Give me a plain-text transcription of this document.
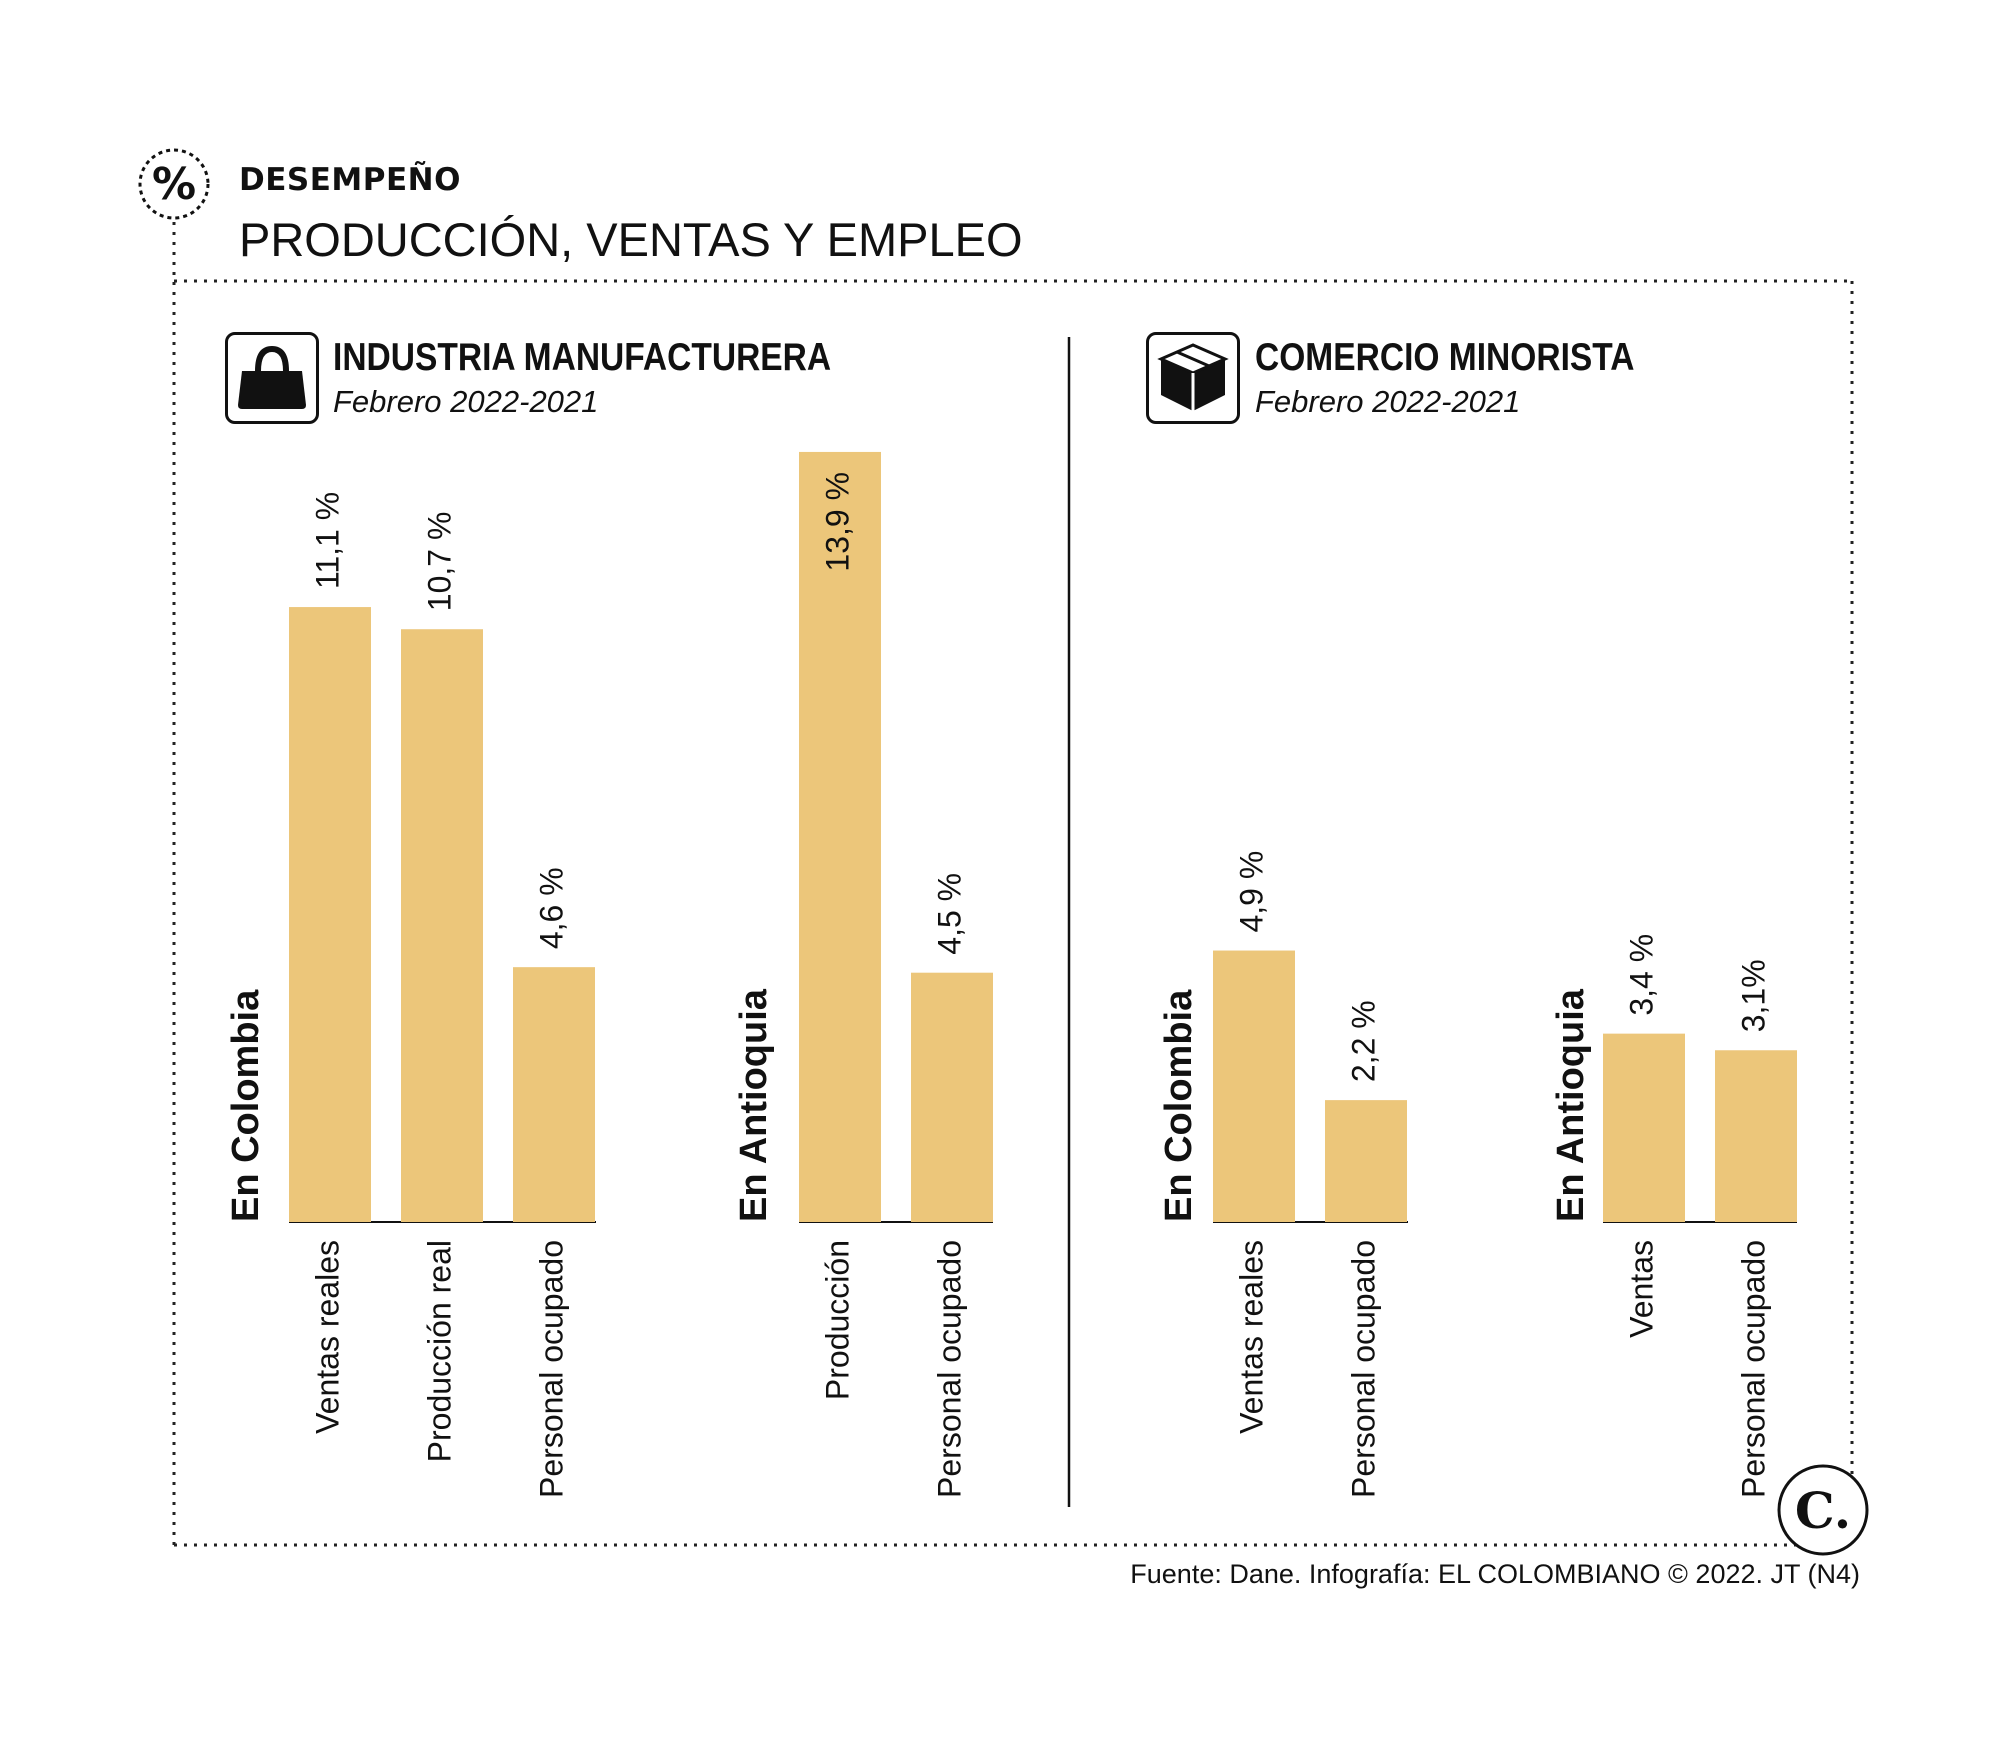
% DESEMPEÑO
PRODUCCIÓN, VENTAS Y EMPLEO
INDUSTRIA MANUFACTURERA
Febrero 2022-2021
COMERCIO MINORISTA
Febrero 2022-2021
En Colombia
11,1 %
Ventas reales
10,7 %
Producción real
4,6 %
Personal ocupado
En Antioquia
13,9 %
Producción
4,5 %
Personal ocupado
En Colombia
4,9 %
Ventas reales
2,2 %
Personal ocupado
En Antioquia
3,4 %
Ventas
3,1%
Personal ocupado
C.
Fuente: Dane. Infografía: EL COLOMBIANO © 2022. JT (N4)
